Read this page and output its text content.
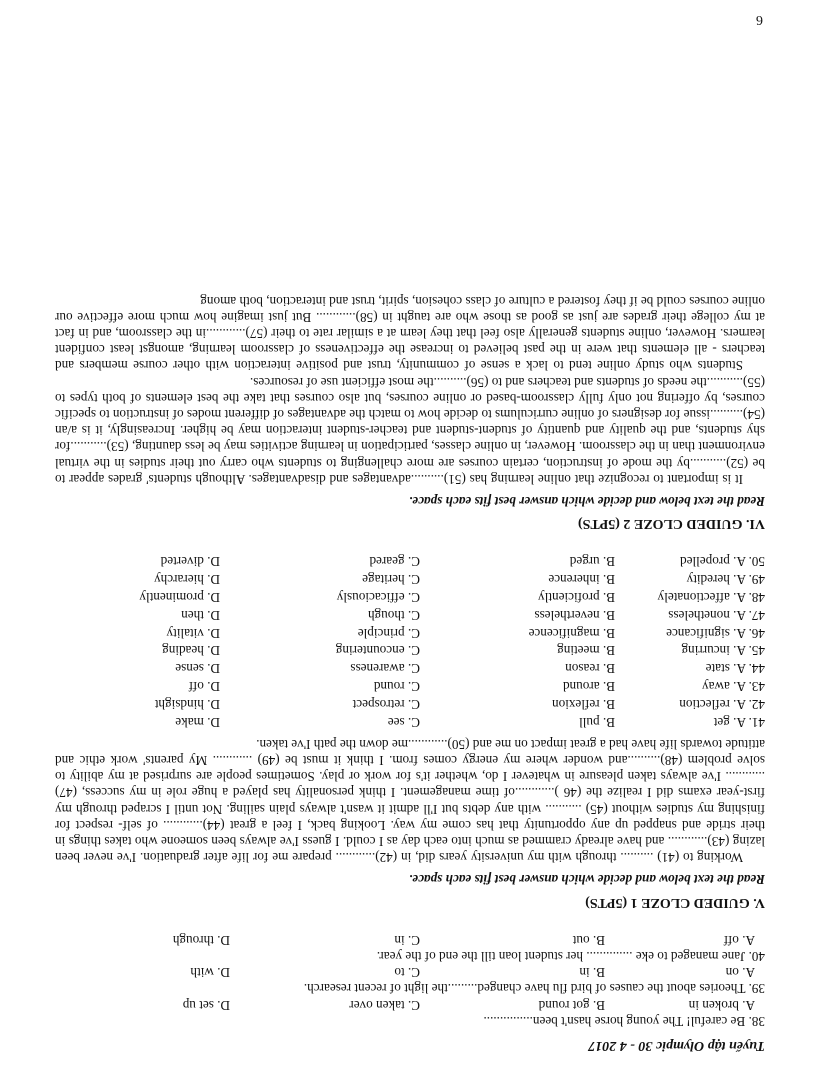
Tuyển tập Olympic 30 - 4 2017

38. Be careful! The young horse hasn't been...............

A. broken in
B. got round
C. taken over
D. set up

39. Theories about the causes of bird flu have changed.........the light of recent research.

A. on
B. in
C. to
D. with

40. Jane managed to eke .............. her student loan till the end of the year.

A. off
B. out
C. in
D. through
V. GUIDED CLOZE 1 (5PTS)

Read the text below and decide which answer best fits each space.

Working to (41) .......... through with my university years did, in (42)............ prepare me for life after graduation. I've never been lazing (43)............ and have already crammed as much into each day as I could. I guess I've always been someone who takes things in their stride and snapped up any opportunity that has come my way. Looking back, I feel a great (44)............ of self- respect for finishing my studies without (45) ........... with any debts but I'll admit it wasn't always plain sailing. Not until I scraped through my first-year exams did I realize the (46 )............of time management. I think personality has played a huge role in my success, (47) ............ I've always taken pleasure in whatever I do, whether it's for work or play. Sometimes people are surprised at my ability to solve problem (48)..........and wonder where my energy comes from. I think it must be (49) ............ My parents' work ethic and attitude towards life have had a great impact on me and (50)............me down the path I've taken.

41. A. get
B. pull
C. see
D. make
42. A. reflection
B. reflexion
C. retrospect
D. hindsight
43. A. away
B. around
C. round
D. off
44. A. state
B. reason
C. awareness
D. sense
45. A. incurring
B. meeting
C. encountering
D. heading
46. A. significance
B. magnificence
C. principle
D. vitality
47. A. nonetheless
B. nevertheless
C. though
D. then
48. A. affectionately
B. proficiently
C. efficaciously
D. prominently
49. A. heredity
B. inherence
C. heritage
D. hierarchy
50. A. propelled
B. urged
C. geared
D. diverted
VI. GUIDED CLOZE 2 (5PTS)

Read the text below and decide which answer best fits each space.

It is important to recognize that online learning has (51)..........advantages and disadvantages. Although students' grades appear to be (52)...........by the mode of instruction, certain courses are more challenging to students who carry out their studies in the virtual environment than in the classroom. However, in online classes, participation in learning activities may be less daunting, (53)...........for shy students, and the quality and quantity of student-student and teacher-student interaction may be higher. Increasingly, it is a/an (54)..........issue for designers of online curriculums to decide how to match the advantages of different modes of instruction to specific courses, by offering not only fully classroom-based or online courses, but also courses that take the best elements of both types to (55)...........the needs of students and teachers and to (56)..........the most efficient use of resources.

Students who study online tend to lack a sense of community, trust and positive interaction with other course members and teachers - all elements that were in the past believed to increase the effectiveness of classroom learning, amongst least confident learners. However, online students generally also feel that they learn at a similar rate to their (57)............in the classroom, and in fact at my college their grades are just as good as those who are taught in (58)............ But just imagine how much more effective our online courses could be if they fostered a culture of class cohesion, spirit, trust and interaction, both among

6
